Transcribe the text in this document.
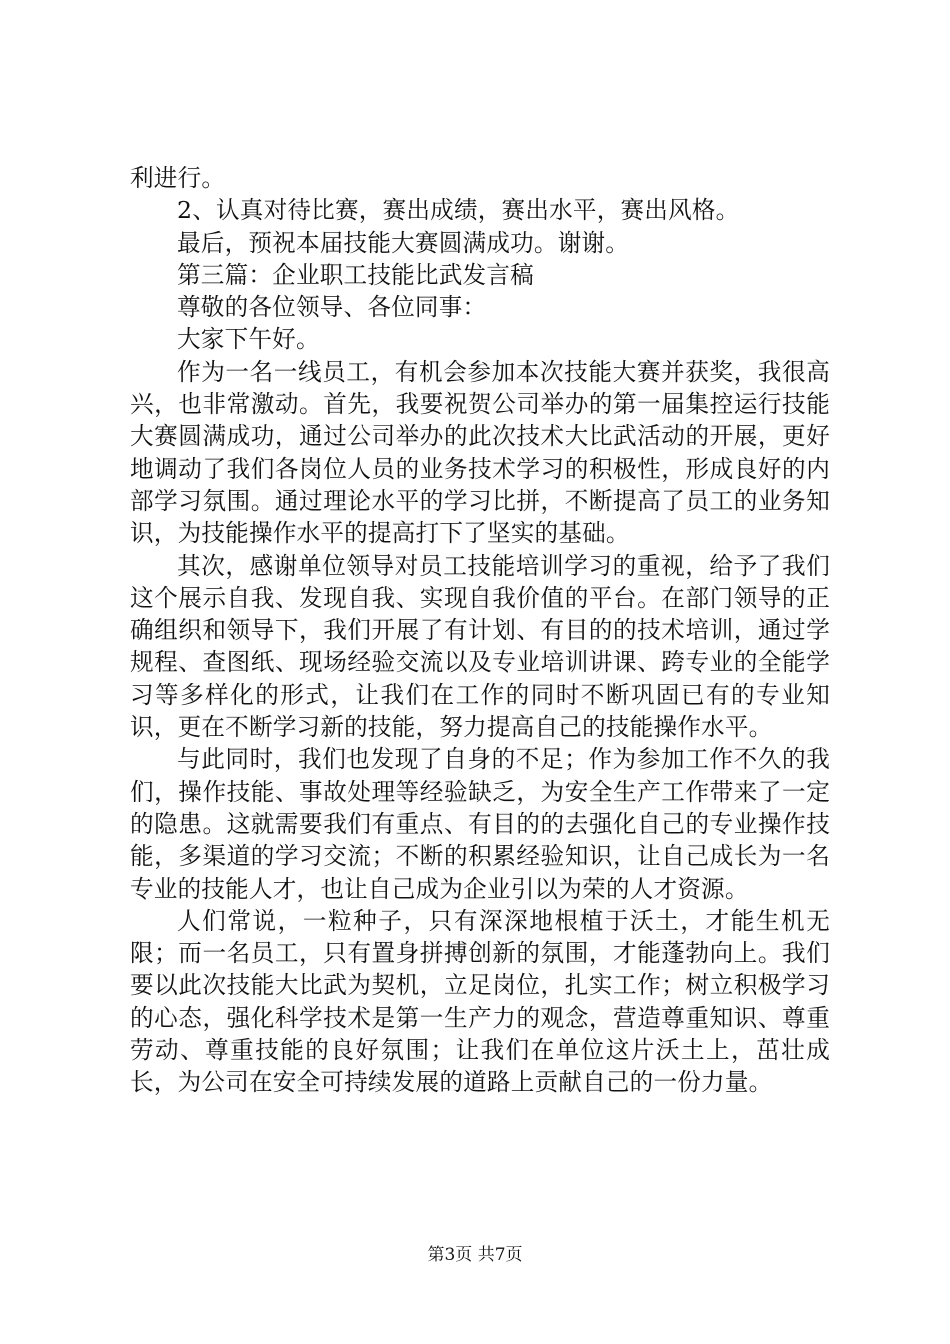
利进行。

2、认真对待比赛，赛出成绩，赛出水平，赛出风格。

最后，预祝本届技能大赛圆满成功。谢谢。

第三篇：企业职工技能比武发言稿

尊敬的各位领导、各位同事：

大家下午好。

作为一名一线员工，有机会参加本次技能大赛并获奖，我很高兴，也非常激动。首先，我要祝贺公司举办的第一届集控运行技能大赛圆满成功，通过公司举办的此次技术大比武活动的开展，更好地调动了我们各岗位人员的业务技术学习的积极性，形成良好的内部学习氛围。通过理论水平的学习比拼，不断提高了员工的业务知识，为技能操作水平的提高打下了坚实的基础。

其次，感谢单位领导对员工技能培训学习的重视，给予了我们这个展示自我、发现自我、实现自我价值的平台。在部门领导的正确组织和领导下，我们开展了有计划、有目的的技术培训，通过学规程、查图纸、现场经验交流以及专业培训讲课、跨专业的全能学习等多样化的形式，让我们在工作的同时不断巩固已有的专业知识，更在不断学习新的技能，努力提高自己的技能操作水平。

与此同时，我们也发现了自身的不足；作为参加工作不久的我们，操作技能、事故处理等经验缺乏，为安全生产工作带来了一定的隐患。这就需要我们有重点、有目的的去强化自己的专业操作技能，多渠道的学习交流；不断的积累经验知识，让自己成长为一名专业的技能人才，也让自己成为企业引以为荣的人才资源。

人们常说，一粒种子，只有深深地根植于沃土，才能生机无限；而一名员工，只有置身拼搏创新的氛围，才能蓬勃向上。我们要以此次技能大比武为契机，立足岗位，扎实工作；树立积极学习的心态，强化科学技术是第一生产力的观念，营造尊重知识、尊重劳动、尊重技能的良好氛围；让我们在单位这片沃土上，茁壮成长，为公司在安全可持续发展的道路上贡献自己的一份力量。

第3页 共7页
